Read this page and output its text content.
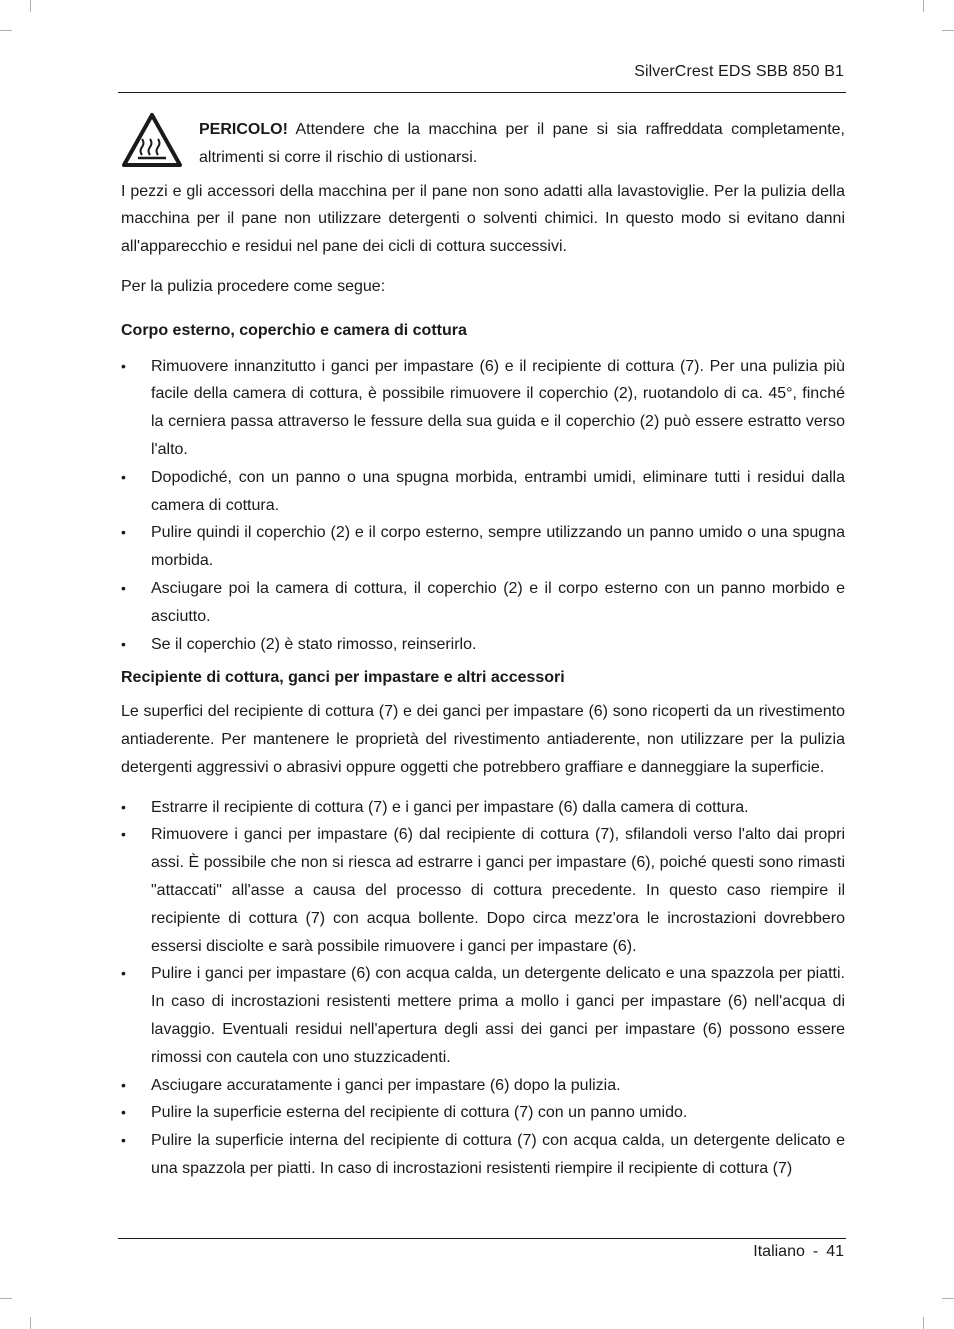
SilverCrest EDS SBB 850 B1

PERICOLO! Attendere che la macchina per il pane si sia raffreddata completamente, altrimenti si corre il rischio di ustionarsi.

I pezzi e gli accessori della macchina per il pane non sono adatti alla lavastoviglie. Per la pulizia della macchina per il pane non utilizzare detergenti o solventi chimici. In questo modo si evitano danni all'apparecchio e residui nel pane dei cicli di cottura successivi.

Per la pulizia procedere come segue:

Corpo esterno, coperchio e camera di cottura
• Rimuovere innanzitutto i ganci per impastare (6) e il recipiente di cottura (7). Per una pulizia più facile della camera di cottura, è possibile rimuovere il coperchio (2), ruotandolo di ca. 45°, finché la cerniera passa attraverso le fessure della sua guida e il coperchio (2) può essere estratto verso l'alto.
• Dopodiché, con un panno o una spugna morbida, entrambi umidi, eliminare tutti i residui dalla camera di cottura.
• Pulire quindi il coperchio (2) e il corpo esterno, sempre utilizzando un panno umido o una spugna morbida.
• Asciugare poi la camera di cottura, il coperchio (2) e il corpo esterno con un panno morbido e asciutto.
• Se il coperchio (2) è stato rimosso, reinserirlo.
Recipiente di cottura, ganci per impastare e altri accessori

Le superfici del recipiente di cottura (7) e dei ganci per impastare (6) sono ricoperti da un rivestimento antiaderente. Per mantenere le proprietà del rivestimento antiaderente, non utilizzare per la pulizia detergenti aggressivi o abrasivi oppure oggetti che potrebbero graffiare e danneggiare la superficie.

• Estrarre il recipiente di cottura (7) e i ganci per impastare (6) dalla camera di cottura.
• Rimuovere i ganci per impastare (6) dal recipiente di cottura (7), sfilandoli verso l'alto dai propri assi. È possibile che non si riesca ad estrarre i ganci per impastare (6), poiché questi sono rimasti "attaccati" all'asse a causa del processo di cottura precedente. In questo caso riempire il recipiente di cottura (7) con acqua bollente. Dopo circa mezz'ora le incrostazioni dovrebbero essersi disciolte e sarà possibile rimuovere i ganci per impastare (6).
• Pulire i ganci per impastare (6) con acqua calda, un detergente delicato e una spazzola per piatti. In caso di incrostazioni resistenti mettere prima a mollo i ganci per impastare (6) nell'acqua di lavaggio. Eventuali residui nell'apertura degli assi dei ganci per impastare (6) possono essere rimossi con cautela con uno stuzzicadenti.
• Asciugare accuratamente i ganci per impastare (6) dopo la pulizia.
• Pulire la superficie esterna del recipiente di cottura (7) con un panno umido.
• Pulire la superficie interna del recipiente di cottura (7) con acqua calda, un detergente delicato e una spazzola per piatti. In caso di incrostazioni resistenti riempire il recipiente di cottura (7)
Italiano - 41
